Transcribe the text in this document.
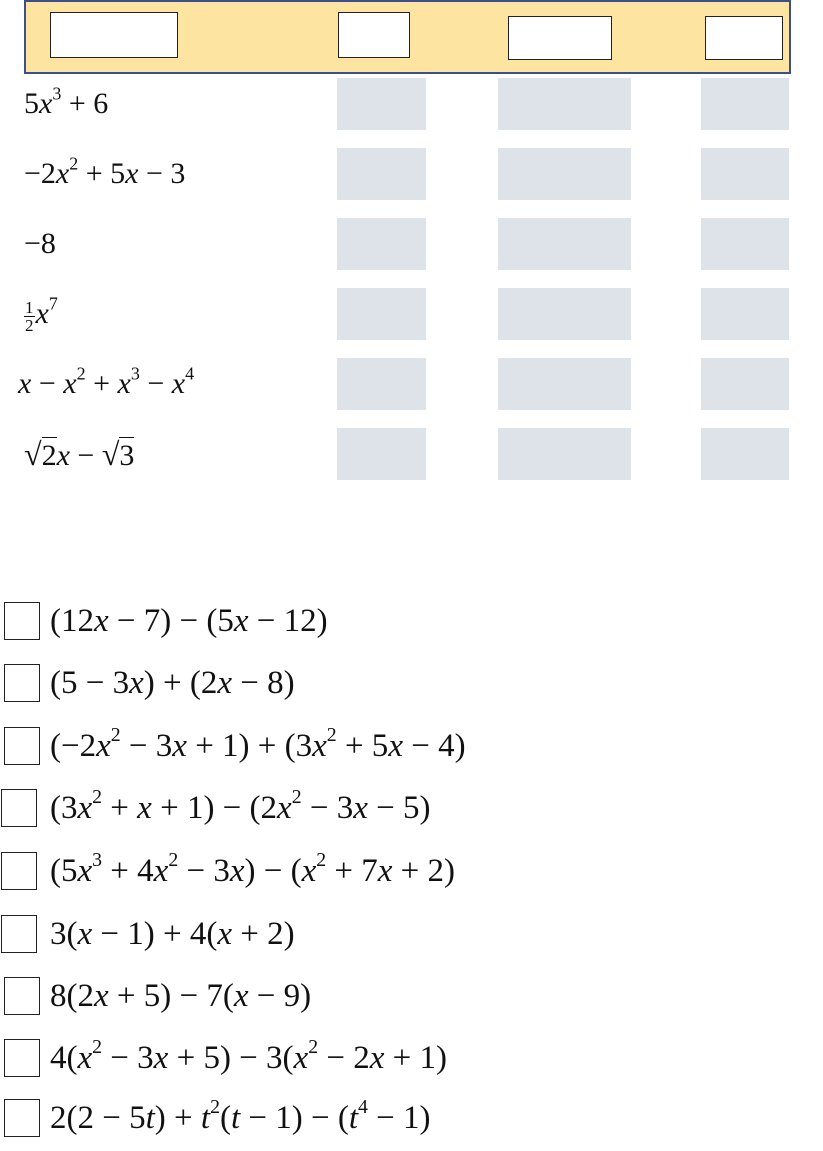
$5x^3 + 6$
$-2x^2 + 5x - 3$
−8
$\frac{1}{2} x^7$
$x - x^2 + x^3 - x^4$
√2x − √3
(12x − 7) − (5x − 12)
(5 − 3x) + (2x − 8)
$(-2x^2 - 3x + 1) + (3x^2 + 5x - 4)$
$(3x^2 + x + 1) - (2x^2 - 3x - 5)$
$(5x^3 + 4x^2 - 3x) - (x^2 + 7x + 2)$
3(x − 1) + 4(x + 2)
8(2x + 5) − 7(x − 9)
$4(x^2 - 3x + 5) - 3(x^2 - 2x + 1)$
$2(2 - 5t) + t^2(t - 1) - (t^4 - 1)$
